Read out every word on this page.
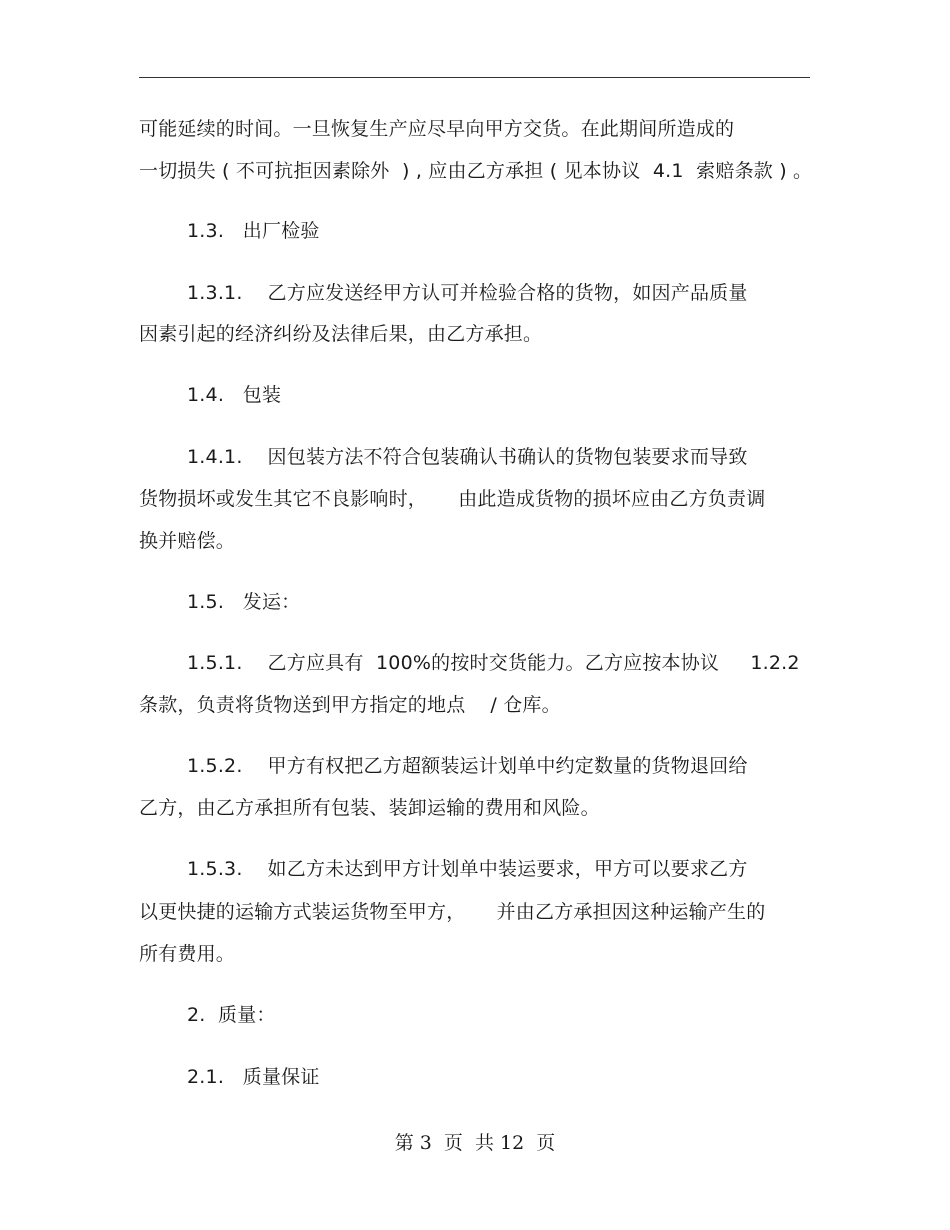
可能延续的时间。一旦恢复生产应尽早向甲方交货。在此期间所造成的
一切损失 ( 不可抗拒因素除外  ) , 应由乙方承担 ( 见本协议  4.1  索赔条款 ) 。
1.3.   出厂检验
1.3.1.    乙方应发送经甲方认可并检验合格的货物，如因产品质量
因素引起的经济纠纷及法律后果，由乙方承担。
1.4.   包装
1.4.1.    因包装方法不符合包装确认书确认的货物包装要求而导致
货物损坏或发生其它不良影响时，     由此造成货物的损坏应由乙方负责调
换并赔偿。
1.5.   发运：
1.5.1.    乙方应具有  100%的按时交货能力。乙方应按本协议     1.2.2
条款，负责将货物送到甲方指定的地点    / 仓库。
1.5.2.    甲方有权把乙方超额装运计划单中约定数量的货物退回给
乙方，由乙方承担所有包装、装卸运输的费用和风险。
1.5.3.    如乙方未达到甲方计划单中装运要求，甲方可以要求乙方
以更快捷的运输方式装运货物至甲方，     并由乙方承担因这种运输产生的
所有费用。
2.  质量：
2.1.   质量保证
第 3  页  共 12  页
